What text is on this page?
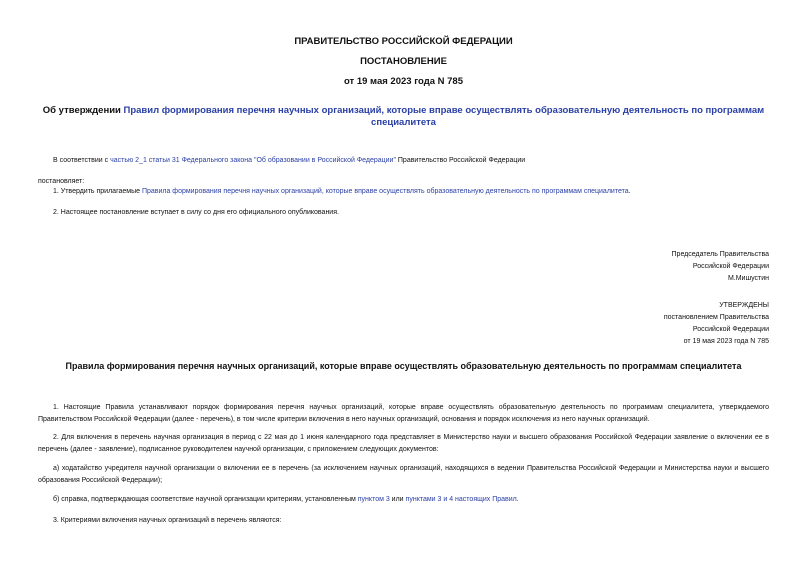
ПРАВИТЕЛЬСТВО РОССИЙСКОЙ ФЕДЕРАЦИИ
ПОСТАНОВЛЕНИЕ
от 19 мая 2023 года N 785
Об утверждении Правил формирования перечня научных организаций, которые вправе осуществлять образовательную деятельность по программам
специалитета
В соответствии с частью 2_1 статьи 31 Федерального закона "Об образовании в Российской Федерации" Правительство Российской Федерации
постановляет:
1. Утвердить прилагаемые Правила формирования перечня научных организаций, которые вправе осуществлять образовательную деятельность по программам специалитета.
2. Настоящее постановление вступает в силу со дня его официального опубликования.
Председатель Правительства
Российской Федерации
М.Мишустин
УТВЕРЖДЕНЫ
постановлением Правительства
Российской Федерации
от 19 мая 2023 года N 785
Правила формирования перечня научных организаций, которые вправе осуществлять образовательную деятельность по программам специалитета
1. Настоящие Правила устанавливают порядок формирования перечня научных организаций, которые вправе осуществлять образовательную деятельность по программам специалитета, утверждаемого
Правительством Российской Федерации (далее - перечень), в том числе критерии включения в него научных организаций, основания и порядок исключения из него научных организаций.
2. Для включения в перечень научная организация в период с 22 мая до 1 июня календарного года представляет в Министерство науки и высшего образования Российской Федерации заявление о включении ее в
перечень (далее - заявление), подписанное руководителем научной организации, с приложением следующих документов:
а) ходатайство учредителя научной организации о включении ее в перечень (за исключением научных организаций, находящихся в ведении Правительства Российской Федерации и Министерства науки и высшего
образования Российской Федерации);
б) справка, подтверждающая соответствие научной организации критериям, установленным пунктом 3 или пунктами 3 и 4 настоящих Правил.
3. Критериями включения научных организаций в перечень являются:
